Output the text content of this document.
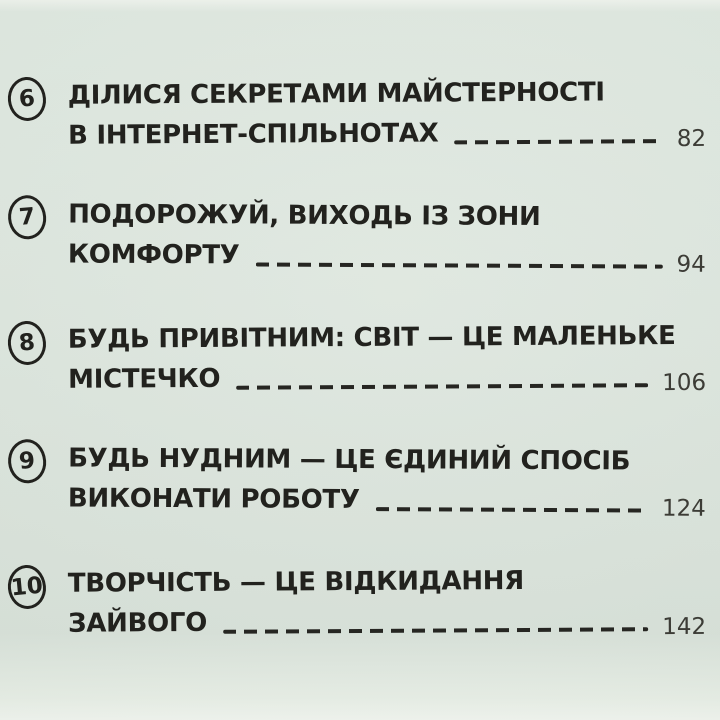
6 ДІЛИСЯ СЕКРЕТАМИ МАЙСТЕРНОСТІ
В ІНТЕРНЕТ-СПІЛЬНОТАХ	82
7 ПОДОРОЖУЙ, ВИХОДЬ ІЗ ЗОНИ
КОМФОРТУ	94
8 БУДЬ ПРИВІТНИМ: СВІТ — ЦЕ МАЛЕНЬКЕ
МІСТЕЧКО	106
9 БУДЬ НУДНИМ — ЦЕ ЄДИНИЙ СПОСІБ
ВИКОНАТИ РОБОТУ	124
10 ТВОРЧІСТЬ — ЦЕ ВІДКИДАННЯ
ЗАЙВОГО	142
